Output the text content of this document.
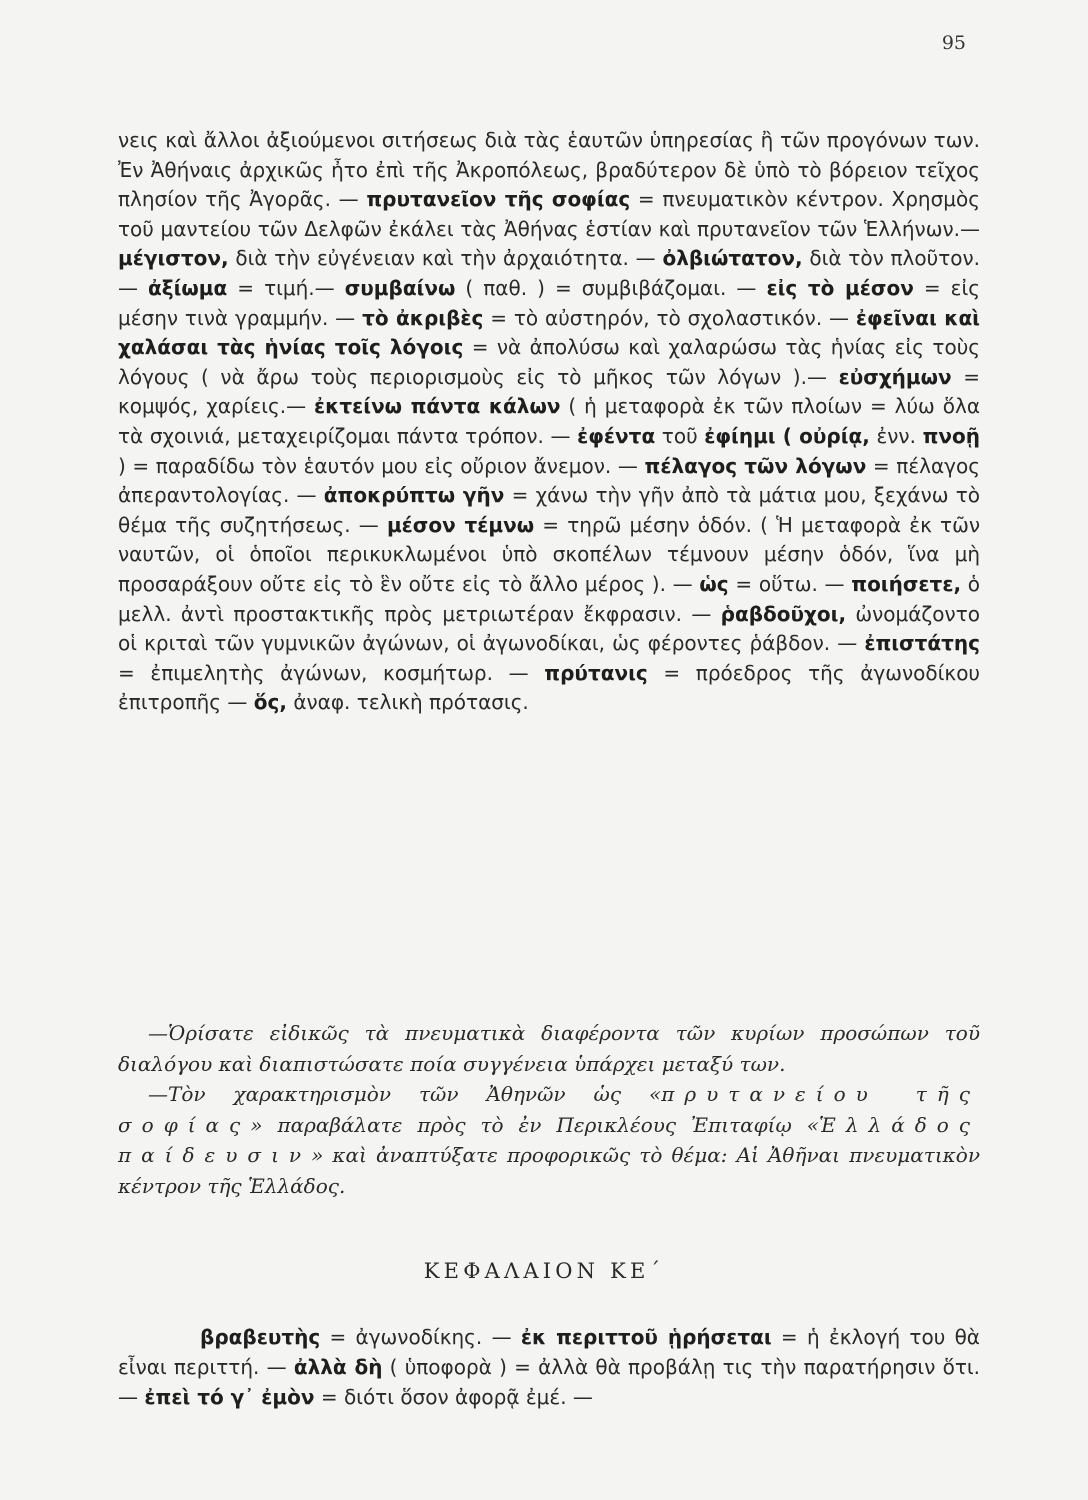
95

νεις καὶ ἄλλοι ἀξιούμενοι σιτήσεως διὰ τὰς ἑαυτῶν ὑπηρεσίας ἢ τῶν προγόνων των. Ἐν Ἀθήναις ἀρχικῶς ἦτο ἐπὶ τῆς Ἀκροπόλεως, βραδύτερον δὲ ὑπὸ τὸ βόρειον τεῖχος πλησίον τῆς Ἀγορᾶς. — πρυτανεῖον τῆς σοφίας = πνευματικὸν κέντρον. Χρησμὸς τοῦ μαντείου τῶν Δελφῶν ἐκάλει τὰς Ἀθήνας ἑστίαν καὶ πρυτανεῖον τῶν Ἑλλήνων.— μέγιστον, διὰ τὴν εὐγένειαν καὶ τὴν ἀρχαιότητα. — ὀλβιώτατον, διὰ τὸν πλοῦτον.— ἀξίωμα = τιμή.— συμβαίνω ( παθ. ) = συμβιβάζομαι. — εἰς τὸ μέσον = εἰς μέσην τινὰ γραμμήν. — τὸ ἀκριβὲς = τὸ αὐστηρόν, τὸ σχολαστικόν. — ἐφεῖναι καὶ χαλάσαι τὰς ἡνίας τοῖς λόγοις = νὰ ἀπολύσω καὶ χαλαρώσω τὰς ἡνίας εἰς τοὺς λόγους ( νὰ ἄρω τοὺς περιορισμοὺς εἰς τὸ μῆκος τῶν λόγων ).— εὐσχήμων = κομψός, χαρίεις.— ἐκτείνω πάντα κάλων ( ἡ μεταφορὰ ἐκ τῶν πλοίων = λύω ὅλα τὰ σχοινιά, μεταχειρίζομαι πάντα τρόπον. — ἐφέντα τοῦ ἐφίημι ( οὐρίᾳ, ἐνν. πνοῇ ) = παραδίδω τὸν ἑαυτόν μου εἰς οὔριον ἄνεμον. — πέλαγος τῶν λόγων = πέλαγος ἀπεραντολογίας. — ἀποκρύπτω γῆν = χάνω τὴν γῆν ἀπὸ τὰ μάτια μου, ξεχάνω τὸ θέμα τῆς συζητήσεως. — μέσον τέμνω = τηρῶ μέσην ὁδόν. ( Ἡ μεταφορὰ ἐκ τῶν ναυτῶν, οἱ ὁποῖοι περικυκλωμένοι ὑπὸ σκοπέλων τέμνουν μέσην ὁδόν, ἵνα μὴ προσαράξουν οὔτε εἰς τὸ ἓν οὔτε εἰς τὸ ἄλλο μέρος ). — ὡς = οὕτω. — ποιήσετε, ὁ μελλ. ἀντὶ προστακτικῆς πρὸς μετριωτέραν ἔκφρασιν. — ῥαβδοῦχοι, ὠνομάζοντο οἱ κριταὶ τῶν γυμνικῶν ἀγώνων, οἱ ἀγωνοδίκαι, ὡς φέροντες ῥάβδον. — ἐπιστάτης = ἐπιμελητὴς ἀγώνων, κοσμήτωρ. — πρύτανις = πρόεδρος τῆς ἀγωνοδίκου ἐπιτροπῆς — ὅς, ἀναφ. τελικὴ πρότασις.

—Ὁρίσατε εἰδικῶς τὰ πνευματικὰ διαφέροντα τῶν κυρίων προσώπων τοῦ διαλόγου καὶ διαπιστώσατε ποία συγγένεια ὑπάρχει μεταξύ των.

—Τὸν χαρακτηρισμὸν τῶν Ἀθηνῶν ὡς «πρυτανείου τῆς σοφίας» παραβάλατε πρὸς τὸ ἐν Περικλέους Ἐπιταφίῳ «Ἑλλάδος παίδευσιν» καὶ ἀναπτύξατε προφορικῶς τὸ θέμα: Αἱ Ἀθῆναι πνευματικὸν κέντρον τῆς Ἑλλάδος.

ΚΕΦΑΛΑΙΟΝ ΚΕ΄

βραβευτὴς = ἀγωνοδίκης. — ἐκ περιττοῦ ᾑρήσεται = ἡ ἐκλογή του θὰ εἶναι περιττή. — ἀλλὰ δὴ ( ὑποφορὰ ) = ἀλλὰ θὰ προβάλῃ τις τὴν παρατήρησιν ὅτι. — ἐπεὶ τό γ᾽ ἐμὸν = διότι ὅσον ἀφορᾷ ἐμέ. —
